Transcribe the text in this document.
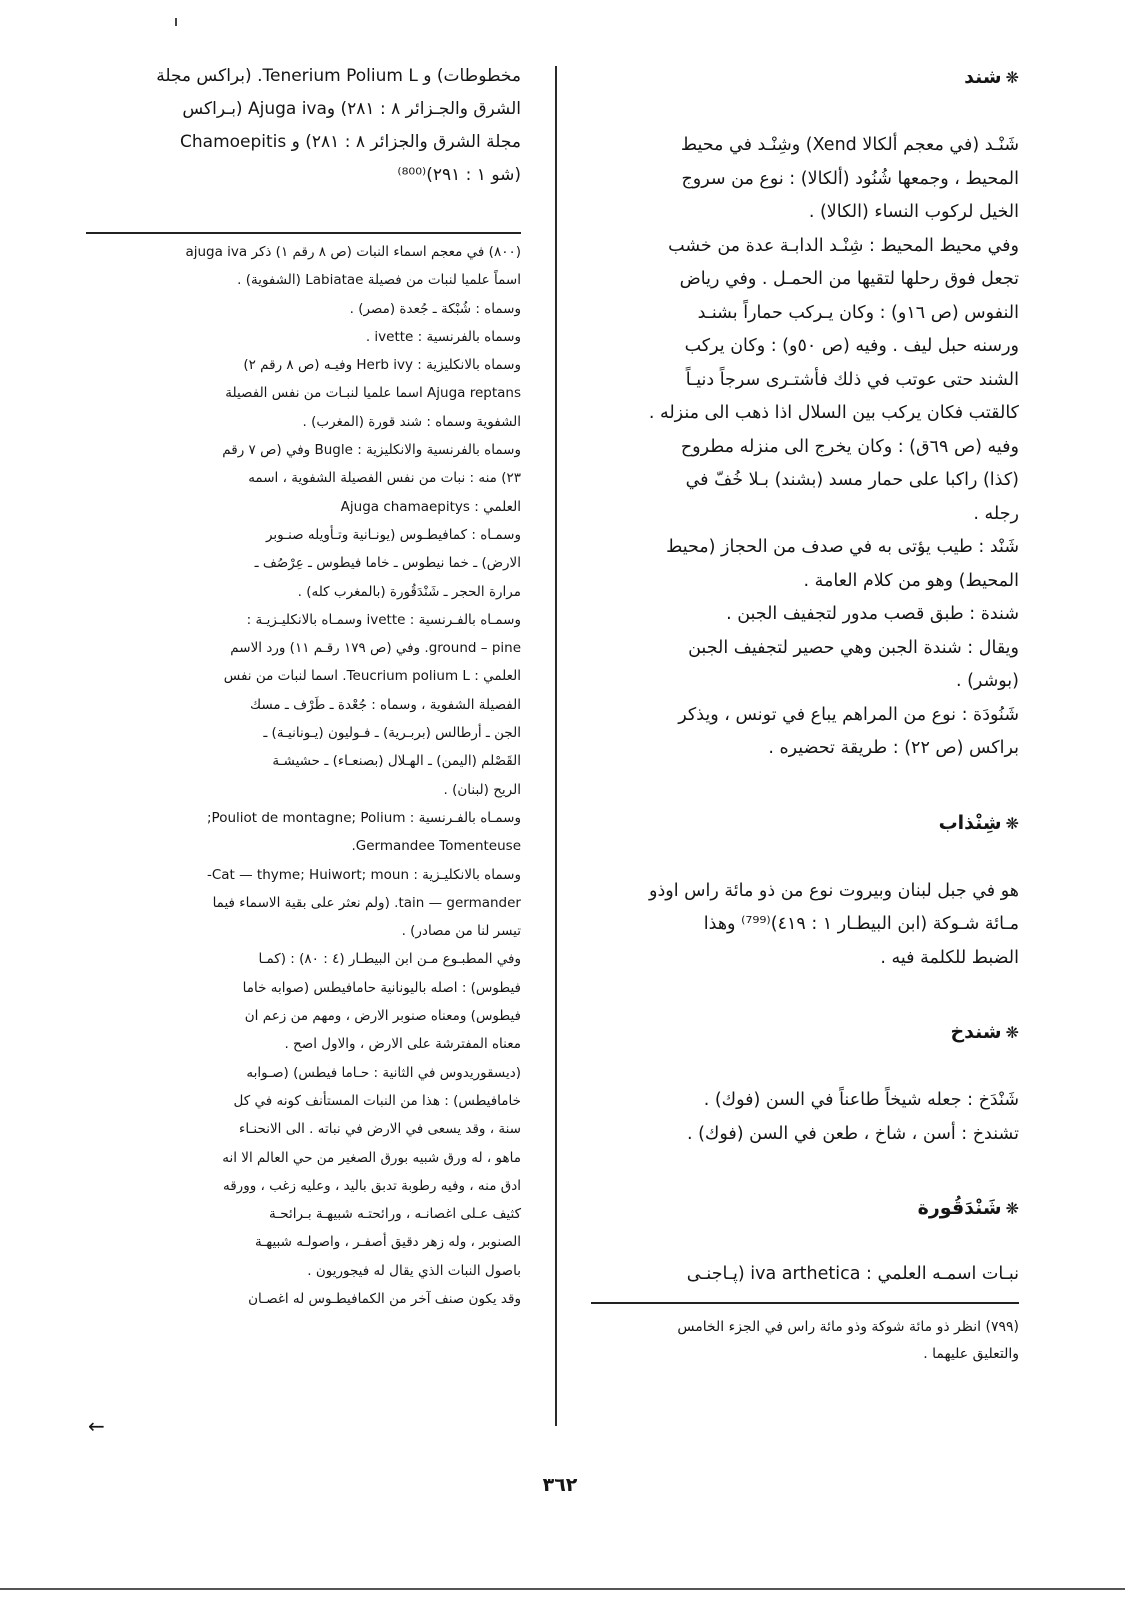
❋شند

شَنْـد (في معجم ألكالا Xend) وشِنْـد في محيط
المحيط ، وجمعها شُنُود (ألكالا) : نوع من سروج
الخيل لركوب النساء (الكالا) .
وفي محيط المحيط : شِنْـد الدابـة عدة من خشب
تجعل فوق رحلها لتقيها من الحمـل . وفي رياض
النفوس (ص ١٦و) : وكان يـركب حماراً بشنـد
ورسنه حبل ليف . وفيه (ص ٥٠و) : وكان يركب
الشند حتى عوتب في ذلك فأشتـرى سرجاً دنيـاً
كالقتب فكان يركب بين السلال اذا ذهب الى منزله .
وفيه (ص ٦٩ق) : وكان يخرج الى منزله مطروح
(كذا) راكبا على حمار مسد (بشند) بـلا خُفّ في
رجله .
شَنْد : طيب يؤتى به في صدف من الحجاز (محيط
المحيط) وهو من كلام العامة .
شندة : طبق قصب مدور لتجفيف الجبن .
ويقال : شندة الجبن وهي حصير لتجفيف الجبن
(بوشر) .
شَنُودَة : نوع من المراهم يباع في تونس ، ويذكر
براكس (ص ٢٢) : طريقة تحضيره .

❋شِنْذاب

هو في جبل لبنان وبيروت نوع من ذو مائة راس اوذو
مـائة شـوكة (ابن البيطـار ١ : ٤١٩)⁽⁷⁹⁹⁾ وهذا
الضبط للكلمة فيه .

❋شندخ

شَنْدَخ : جعله شيخاً طاعناً في السن (فوك) .
تشندخ : أسن ، شاخ ، طعن في السن (فوك) .

❋شَنْدَقُورة

نبـات اسمـه العلمي : iva arthetica (پـاجنـى

(٧٩٩) انظر ذو مائة شوكة وذو مائة راس في الجزء الخامس
والتعليق عليهما .

مخطوطات) و Tenerium Polium L. (براكس مجلة
الشرق والجـزائر ٨ : ٢٨١) وAjuga iva (بـراكس
مجلة الشرق والجزائر ٨ : ٢٨١) و Chamoepitis
(شو ١ : ٢٩١)⁽⁸⁰⁰⁾

(٨٠٠) في معجم اسماء النبات (ص ٨ رقم ١) ذكر ajuga iva
اسماً علميا لنبات من فصيلة Labiatae (الشفوية) .
وسماه : شُبْكة ـ جُعدة (مصر) .
وسماه بالفرنسية : ivette .
وسماه بالانكليزية : Herb ivy وفيـه (ص ٨ رقم ٢)
Ajuga reptans اسما علميا لنبـات من نفس الفصيلة
الشفوية وسماه : شند قورة (المغرب) .
وسماه بالفرنسية والانكليزية : Bugle وفي (ص ٧ رقم
٢٣) منه : نبات من نفس الفصيلة الشفوية ، اسمه
العلمي : Ajuga chamaepitys
وسمـاه : كمافيطـوس (يونـانية وتـأويله صنـوبر
الارض) ـ خما نيطوس ـ خاما فيطوس ـ عِرْصُف ـ
مرارة الحجر ـ شَنْدَقُورة (بالمغرب كله) .
وسمـاه بالفـرنسية : ivette وسمـاه بالانكليـزيـة :
ground – pine. وفي (ص ١٧٩ رقـم ١١) ورد الاسم
العلمي : Teucrium polium L. اسما لنبات من نفس
الفصيلة الشفوية ، وسماه : جُعْدة ـ طَرْف ـ مسك
الجن ـ أرطالس (بربـرية) ـ فـوليون (يـونانيـة) ـ
القَصْلم (اليمن) ـ الهـلال (بصنعـاء) ـ حشيشـة
الريح (لبنان) .
وسمـاه بالفـرنسية : Pouliot de montagne; Polium;
Germandee Tomenteuse.
وسماه بالانكليـزية : Cat — thyme; Huiwort; moun-
tain — germander. (ولم نعثر على بقية الاسماء فيما
تيسر لنا من مصادر) .
وفي المطبـوع مـن ابن البيطـار (٤ : ٨٠) : (كمـا
فيطوس) : اصله باليونانية حامافيطس (صوابه خاما
فيطوس) ومعناه صنوبر الارض ، ومهم من زعم ان
معناه المفترشة على الارض ، والاول اصح .
(ديسقوريدوس في الثانية : حـاما فيطس) (صـوابه
خامافيطس) : هذا من النبات المستأنف كونه في كل
سنة ، وقد يسعى في الارض في نباته . الى الانحنـاء
ماهو ، له ورق شبيه بورق الصغير من حي العالم الا انه
ادق منه ، وفيه رطوبة تدبق باليد ، وعليه زغب ، وورقه
كثيف عـلى اغصانـه ، ورائحتـه شبيهـة بـرائحـة
الصنوبر ، وله زهر دقيق أصفـر ، واصولـه شبيهـة
باصول النبات الذي يقال له فيجوريون .
وقد يكون صنف آخر من الكمافيطـوس له اغصـان

←
٣٦٢
